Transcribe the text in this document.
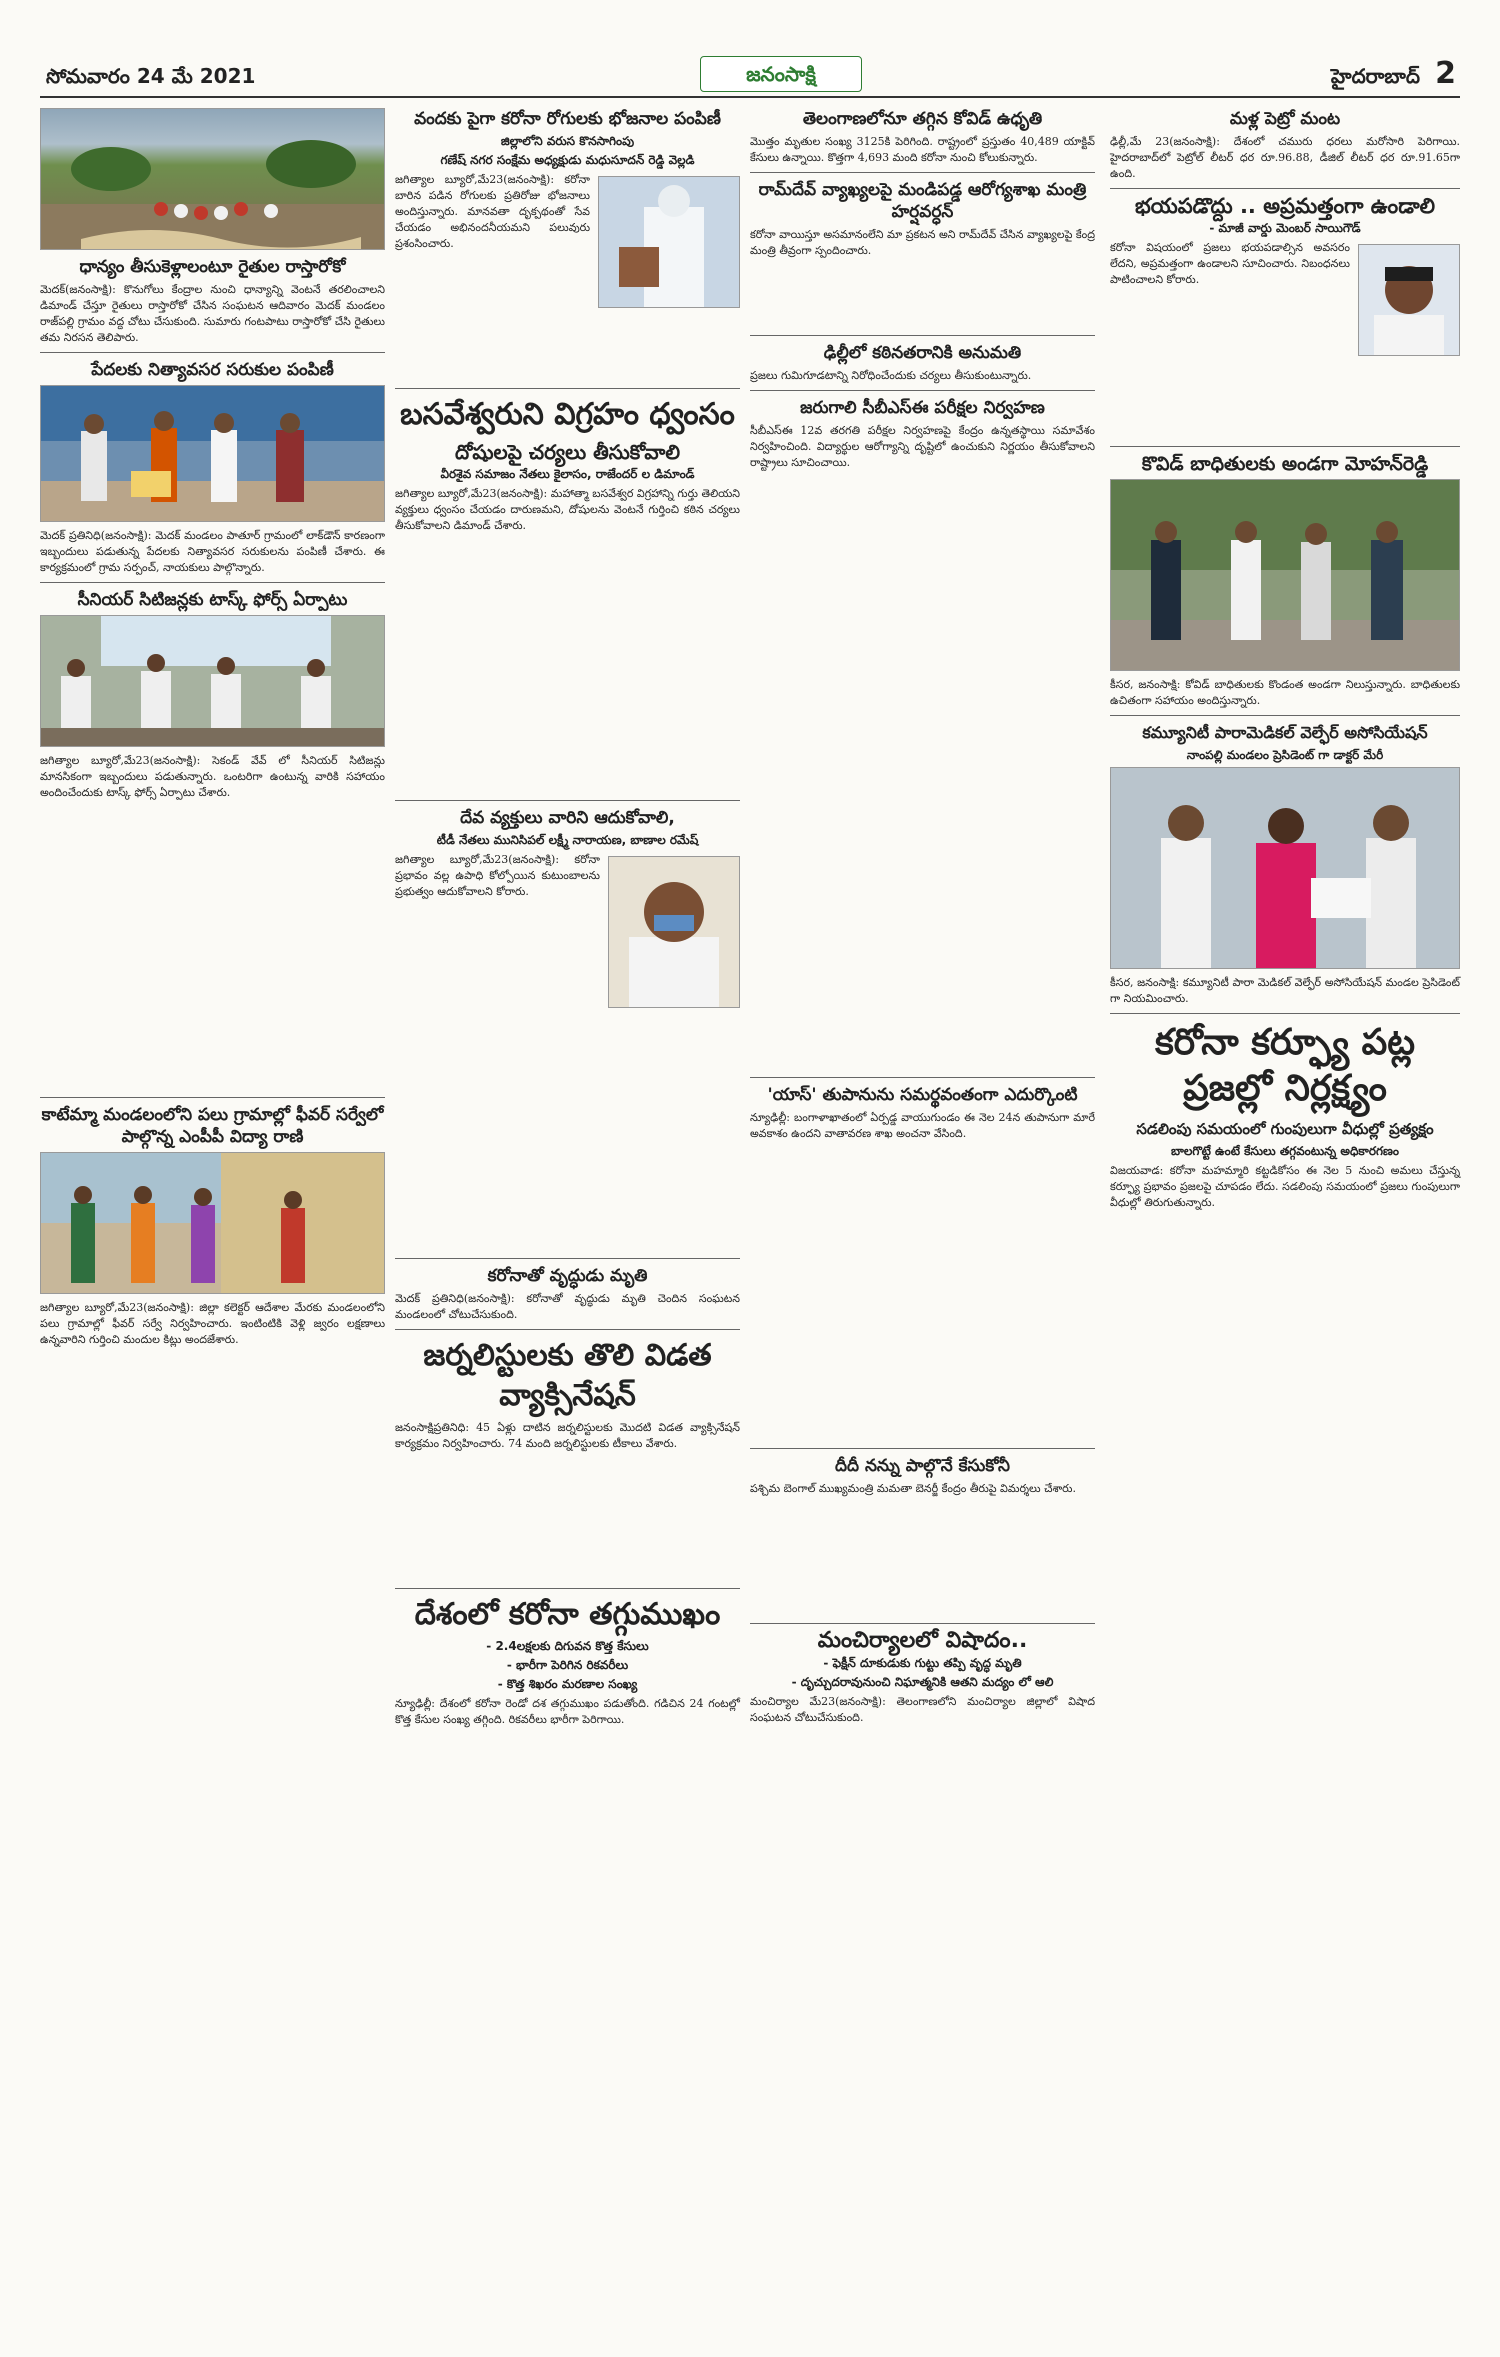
సోమవారం 24 మే 2021	జనంసాక్షి	హైదరాబాద్ 2
ధాన్యం తీసుకెళ్లాలంటూ రైతుల రాస్తారోకో

మెదక్(జనంసాక్షి): కొనుగోలు కేంద్రాల నుంచి ధాన్యాన్ని వెంటనే తరలించాలని డిమాండ్ చేస్తూ రైతులు రాస్తారోకో చేసిన సంఘటన ఆదివారం మెదక్ మండలం రాజ్‌పల్లి గ్రామం వద్ద చోటు చేసుకుంది. సుమారు గంటపాటు రాస్తారోకో చేసి రైతులు తమ నిరసన తెలిపారు.

పేదలకు నిత్యావసర సరుకుల పంపిణీ

మెదక్ ప్రతినిధి(జనంసాక్షి): మెదక్ మండలం పాతూర్ గ్రామంలో లాక్‌డౌన్ కారణంగా ఇబ్బందులు పడుతున్న పేదలకు నిత్యావసర సరుకులను పంపిణీ చేశారు. ఈ కార్యక్రమంలో గ్రామ సర్పంచ్, నాయకులు పాల్గొన్నారు.

సీనియర్ సిటిజన్లకు టాస్క్ ఫోర్స్ ఏర్పాటు

జగిత్యాల బ్యూరో,మే23(జనంసాక్షి): సెకండ్ వేవ్ లో సీనియర్ సిటిజన్లు మానసికంగా ఇబ్బందులు పడుతున్నారు. ఒంటరిగా ఉంటున్న వారికి సహాయం అందించేందుకు టాస్క్ ఫోర్స్ ఏర్పాటు చేశారు.

కాటేమ్మా మండలంలోని పలు గ్రామాల్లో ఫీవర్ సర్వేలో పాల్గొన్న ఎంపీపీ విద్యా రాణి

జగిత్యాల బ్యూరో,మే23(జనంసాక్షి): జిల్లా కలెక్టర్ ఆదేశాల మేరకు మండలంలోని పలు గ్రామాల్లో ఫీవర్ సర్వే నిర్వహించారు. ఇంటింటికి వెళ్లి జ్వరం లక్షణాలు ఉన్నవారిని గుర్తించి మందుల కిట్లు అందజేశారు.

వందకు పైగా కరోనా రోగులకు భోజనాల పంపిణీ
జిల్లాలోని వరుస కొనసాగింపు
గణేష్ నగర సంక్షేమ అధ్యక్షుడు మధుసూదన్ రెడ్డి వెల్లడి

జగిత్యాల బ్యూరో,మే23(జనంసాక్షి): కరోనా బారిన పడిన రోగులకు ప్రతిరోజు భోజనాలు అందిస్తున్నారు. మానవతా దృక్పథంతో సేవ చేయడం అభినందనీయమని పలువురు ప్రశంసించారు.

బసవేశ్వరుని విగ్రహం ధ్వంసం
దోషులపై చర్యలు తీసుకోవాలి
వీరశైవ సమాజం నేతలు కైలాసం, రాజేందర్ ల డిమాండ్

జగిత్యాల బ్యూరో,మే23(జనంసాక్షి): మహాత్మా బసవేశ్వర విగ్రహాన్ని గుర్తు తెలియని వ్యక్తులు ధ్వంసం చేయడం దారుణమని, దోషులను వెంటనే గుర్తించి కఠిన చర్యలు తీసుకోవాలని డిమాండ్ చేశారు.

దేవ వ్యక్తులు వారిని ఆదుకోవాలి,
టీడీ నేతలు మునిసిపల్ లక్ష్మీ నారాయణ, బాణాల రమేష్

జగిత్యాల బ్యూరో,మే23(జనంసాక్షి): కరోనా ప్రభావం వల్ల ఉపాధి కోల్పోయిన కుటుంబాలను ప్రభుత్వం ఆదుకోవాలని కోరారు.

కరోనాతో వృద్ధుడు మృతి

మెదక్ ప్రతినిధి(జనంసాక్షి): కరోనాతో వృద్ధుడు మృతి చెందిన సంఘటన మండలంలో చోటుచేసుకుంది.

జర్నలిస్టులకు తొలి విడత వ్యాక్సినేషన్

జనంసాక్షిప్రతినిధి: 45 ఏళ్లు దాటిన జర్నలిస్టులకు మొదటి విడత వ్యాక్సినేషన్ కార్యక్రమం నిర్వహించారు. 74 మంది జర్నలిస్టులకు టీకాలు వేశారు.

దేశంలో కరోనా తగ్గుముఖం
- 2.4లక్షలకు దిగువన కొత్త కేసులు
- భారీగా పెరిగిన రికవరీలు
- కొత్త శిఖరం మరణాల సంఖ్య

న్యూఢిల్లీ: దేశంలో కరోనా రెండో దశ తగ్గుముఖం పడుతోంది. గడిచిన 24 గంటల్లో కొత్త కేసుల సంఖ్య తగ్గింది. రికవరీలు భారీగా పెరిగాయి.

తెలంగాణలోనూ తగ్గిన కోవిడ్ ఉధృతి

మొత్తం మృతుల సంఖ్య 3125కి పెరిగింది. రాష్ట్రంలో ప్రస్తుతం 40,489 యాక్టివ్ కేసులు ఉన్నాయి. కొత్తగా 4,693 మంది కరోనా నుంచి కోలుకున్నారు.

రామ్‌దేవ్ వ్యాఖ్యలపై మండిపడ్డ ఆరోగ్యశాఖ మంత్రి హర్షవర్ధన్

కరోనా వాయిస్తూ అసమానంలేని మా ప్రకటన అని రామ్‌దేవ్ చేసిన వ్యాఖ్యలపై కేంద్ర మంత్రి తీవ్రంగా స్పందించారు.

ఢిల్లీలో కఠినతరానికి అనుమతి

ప్రజలు గుమిగూడటాన్ని నిరోధించేందుకు చర్యలు తీసుకుంటున్నారు.

జరుగాలి సీబీఎస్ఈ పరీక్షల నిర్వహణ

సీబీఎస్ఈ 12వ తరగతి పరీక్షల నిర్వహణపై కేంద్రం ఉన్నతస్థాయి సమావేశం నిర్వహించింది. విద్యార్థుల ఆరోగ్యాన్ని దృష్టిలో ఉంచుకుని నిర్ణయం తీసుకోవాలని రాష్ట్రాలు సూచించాయి.

'యాస్' తుపానును సమర్థవంతంగా ఎదుర్కొంటి

న్యూఢిల్లీ: బంగాళాఖాతంలో ఏర్పడ్డ వాయుగుండం ఈ నెల 24న తుపానుగా మారే అవకాశం ఉందని వాతావరణ శాఖ అంచనా వేసింది.

దీదీ నన్ను పాల్గొనే కేసుకోనీ

పశ్చిమ బెంగాల్ ముఖ్యమంత్రి మమతా బెనర్జీ కేంద్రం తీరుపై విమర్శలు చేశారు.

మంచిర్యాలలో విషాదం..
- ఫెక్షీన్ దూకుడుకు గుట్టు తప్పి వృద్ధ మృతి
- దృచ్చుదరావునుంచి నిఘాత్మనికి ఆతని మద్యం లో ఆలి

మంచిర్యాల మే23(జనంసాక్షి): తెలంగాణలోని మంచిర్యాల జిల్లాలో విషాద సంఘటన చోటుచేసుకుంది.

మళ్ల పెట్రో మంట

ఢిల్లీ,మే 23(జనంసాక్షి): దేశంలో చమురు ధరలు మరోసారి పెరిగాయి. హైదరాబాద్‌లో పెట్రోల్ లీటర్ ధర రూ.96.88, డీజిల్ లీటర్ ధర రూ.91.65గా ఉంది.

భయపడొద్దు .. అప్రమత్తంగా ఉండాలి
- మాజీ వార్డు మెంబర్ సాయిగౌడ్

కరోనా విషయంలో ప్రజలు భయపడాల్సిన అవసరం లేదని, అప్రమత్తంగా ఉండాలని సూచించారు. నిబంధనలు పాటించాలని కోరారు.

కొవిడ్ బాధితులకు అండగా మోహన్‌రెడ్డి

కీసర, జనంసాక్షి: కోవిడ్ బాధితులకు కొండంత అండగా నిలుస్తున్నారు. బాధితులకు ఉచితంగా సహాయం అందిస్తున్నారు.

కమ్యూనిటీ పారామెడికల్ వెల్ఫేర్ అసోసియేషన్
నాంపల్లి మండలం ప్రెసిడెంట్ గా డాక్టర్ మేరీ

కీసర, జనంసాక్షి: కమ్యూనిటీ పారా మెడికల్ వెల్ఫేర్ అసోసియేషన్ మండల ప్రెసిడెంట్ గా నియమించారు.

కరోనా కర్ఫ్యూ పట్ల ప్రజల్లో నిర్లక్ష్యం
సడలింపు సమయంలో గుంపులుగా వీధుల్లో ప్రత్యక్షం
బాలగొట్టే ఉంటే కేసులు తగ్గవంటున్న అధికారగణం

విజయవాడ: కరోనా మహమ్మారి కట్టడికోసం ఈ నెల 5 నుంచి అమలు చేస్తున్న కర్ఫ్యూ ప్రభావం ప్రజలపై చూపడం లేదు. సడలింపు సమయంలో ప్రజలు గుంపులుగా వీధుల్లో తిరుగుతున్నారు.
